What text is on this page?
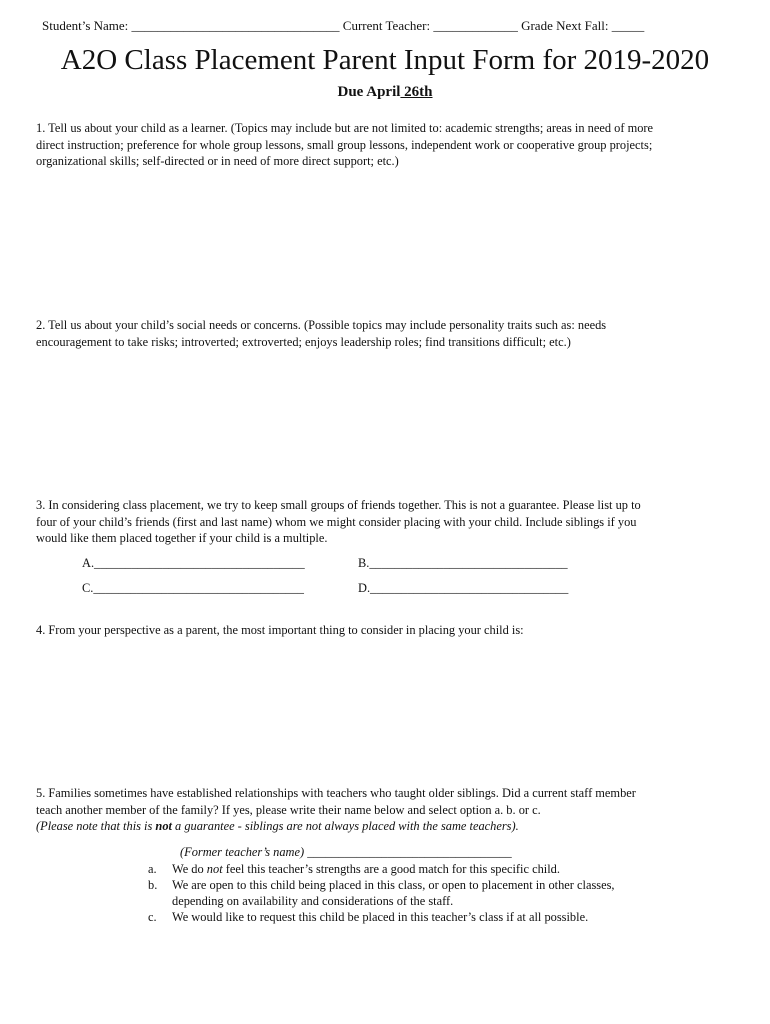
Student’s Name: ________________________________ Current Teacher: _____________ Grade Next Fall: _____
A2O Class Placement Parent Input Form for 2019-2020
Due April 26th
1. Tell us about your child as a learner. (Topics may include but are not limited to: academic strengths; areas in need of more
direct instruction; preference for whole group lessons, small group lessons, independent work or cooperative group projects;
organizational skills; self-directed or in need of more direct support; etc.)
2. Tell us about your child’s social needs or concerns. (Possible topics may include personality traits such as: needs
encouragement to take risks; introverted; extroverted; enjoys leadership roles; find transitions difficult; etc.)
3. In considering class placement, we try to keep small groups of friends together. This is not a guarantee. Please list up to
four of your child’s friends (first and last name) whom we might consider placing with your child. Include siblings if you
would like them placed together if your child is a multiple.
A.__________________________________	B.________________________________
C.__________________________________	D.________________________________
4. From your perspective as a parent, the most important thing to consider in placing your child is:
5. Families sometimes have established relationships with teachers who taught older siblings. Did a current staff member
teach another member of the family? If yes, please write their name below and select option a. b. or c.
(Please note that this is not a guarantee - siblings are not always placed with the same teachers).
(Former teacher’s name) _________________________________
a.	We do not feel this teacher’s strengths are a good match for this specific child.
b.	We are open to this child being placed in this class, or open to placement in other classes,
depending on availability and considerations of the staff.
c.	We would like to request this child be placed in this teacher’s class if at all possible.
